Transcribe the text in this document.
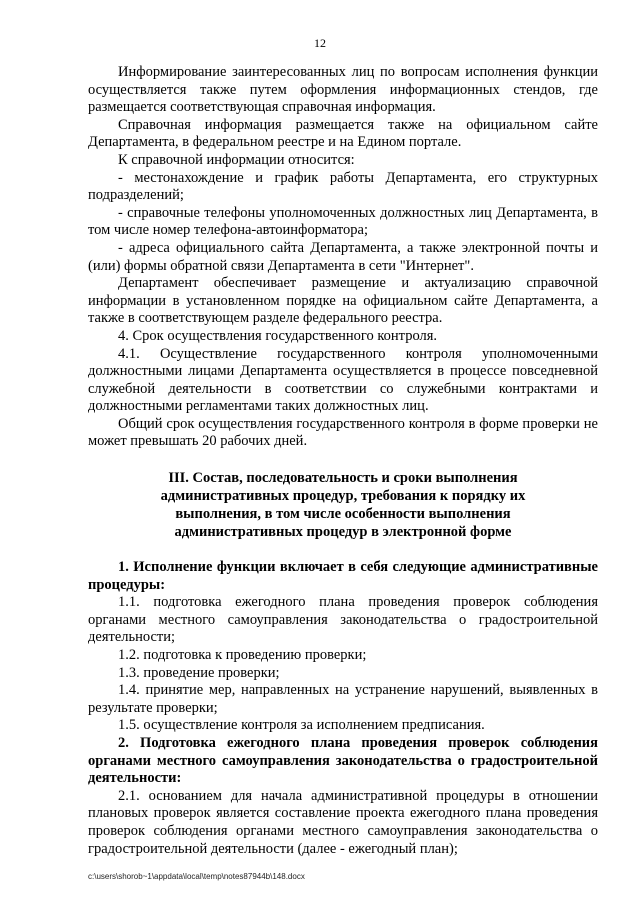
12

Информирование заинтересованных лиц по вопросам исполнения функции осуществляется также путем оформления информационных стендов, где размещается соответствующая справочная информация.

Справочная информация размещается также на официальном сайте Департамента, в федеральном реестре и на Едином портале.

К справочной информации относится:

- местонахождение и график работы Департамента, его структурных подразделений;

- справочные телефоны уполномоченных должностных лиц Департамента, в том числе номер телефона-автоинформатора;

- адреса официального сайта Департамента, а также электронной почты и (или) формы обратной связи Департамента в сети "Интернет".

Департамент обеспечивает размещение и актуализацию справочной информации в установленном порядке на официальном сайте Департамента, а также в соответствующем разделе федерального реестра.

4. Срок осуществления государственного контроля.

4.1. Осуществление государственного контроля уполномоченными должностными лицами Департамента осуществляется в процессе повседневной служебной деятельности в соответствии со служебными контрактами и должностными регламентами таких должностных лиц.

Общий срок осуществления государственного контроля в форме проверки не может превышать 20 рабочих дней.

III. Состав, последовательность и сроки выполнения
административных процедур, требования к порядку их
выполнения, в том числе особенности выполнения
административных процедур в электронной форме

1. Исполнение функции включает в себя следующие административные процедуры:

1.1. подготовка ежегодного плана проведения проверок соблюдения органами местного самоуправления законодательства о градостроительной деятельности;

1.2. подготовка к проведению проверки;

1.3. проведение проверки;

1.4. принятие мер, направленных на устранение нарушений, выявленных в результате проверки;

1.5. осуществление контроля за исполнением предписания.

2. Подготовка ежегодного плана проведения проверок соблюдения органами местного самоуправления законодательства о градостроительной деятельности:

2.1. основанием для начала административной процедуры в отношении плановых проверок является составление проекта ежегодного плана проведения проверок соблюдения органами местного самоуправления законодательства о градостроительной деятельности (далее - ежегодный план);

c:\users\shorob~1\appdata\local\temp\notes87944b\148.docx
